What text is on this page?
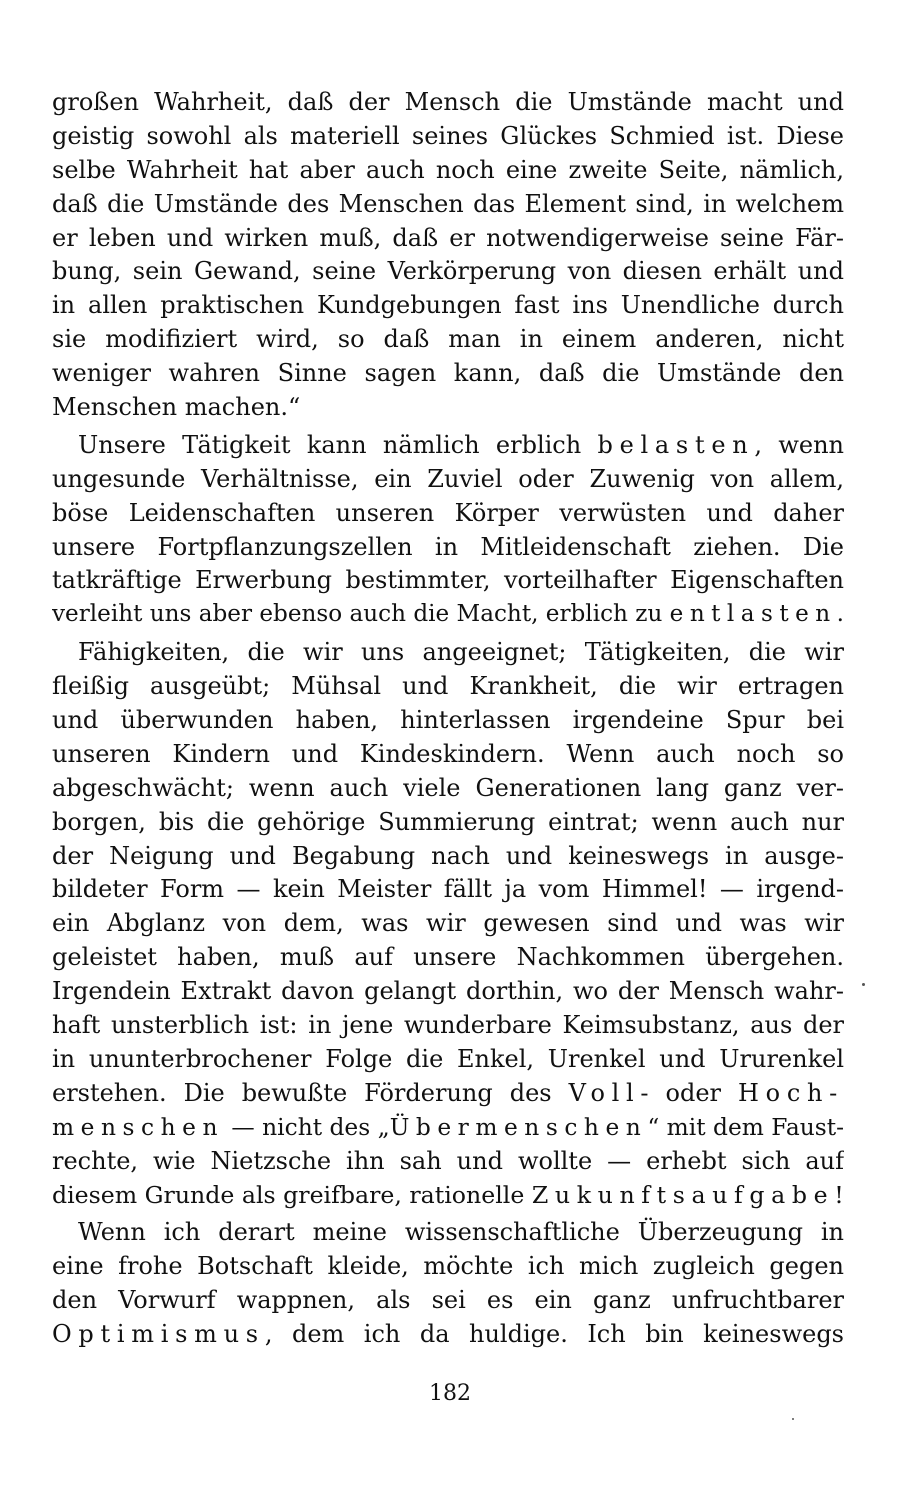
großen Wahrheit, daß der Mensch die Umstände macht und
geistig sowohl als materiell seines Glückes Schmied ist. Diese
selbe Wahrheit hat aber auch noch eine zweite Seite, nämlich,
daß die Umstände des Menschen das Element sind, in welchem
er leben und wirken muß, daß er notwendigerweise seine Fär-
bung, sein Gewand, seine Verkörperung von diesen erhält und
in allen praktischen Kundgebungen fast ins Unendliche durch
sie modifiziert wird, so daß man in einem anderen, nicht
weniger wahren Sinne sagen kann, daß die Umstände den
Menschen machen.“
Unsere Tätigkeit kann nämlich erblich belasten, wenn
ungesunde Verhältnisse, ein Zuviel oder Zuwenig von allem,
böse Leidenschaften unseren Körper verwüsten und daher
unsere Fortpflanzungszellen in Mitleidenschaft ziehen. Die
tatkräftige Erwerbung bestimmter, vorteilhafter Eigenschaften
verleiht uns aber ebenso auch die Macht, erblich zu entlasten.
Fähigkeiten, die wir uns angeeignet; Tätigkeiten, die wir
fleißig ausgeübt; Mühsal und Krankheit, die wir ertragen
und überwunden haben, hinterlassen irgendeine Spur bei
unseren Kindern und Kindeskindern. Wenn auch noch so
abgeschwächt; wenn auch viele Generationen lang ganz ver-
borgen, bis die gehörige Summierung eintrat; wenn auch nur
der Neigung und Begabung nach und keineswegs in ausge-
bildeter Form — kein Meister fällt ja vom Himmel! — irgend-
ein Abglanz von dem, was wir gewesen sind und was wir
geleistet haben, muß auf unsere Nachkommen übergehen.
Irgendein Extrakt davon gelangt dorthin, wo der Mensch wahr-
haft unsterblich ist: in jene wunderbare Keimsubstanz, aus der
in ununterbrochener Folge die Enkel, Urenkel und Ururenkel
erstehen. Die bewußte Förderung des Voll- oder Hoch-
menschen — nicht des „Übermenschen“ mit dem Faust-
rechte, wie Nietzsche ihn sah und wollte — erhebt sich auf
diesem Grunde als greifbare, rationelle Zukunftsaufgabe!
Wenn ich derart meine wissenschaftliche Überzeugung in
eine frohe Botschaft kleide, möchte ich mich zugleich gegen
den Vorwurf wappnen, als sei es ein ganz unfruchtbarer
Optimismus, dem ich da huldige. Ich bin keineswegs
182
